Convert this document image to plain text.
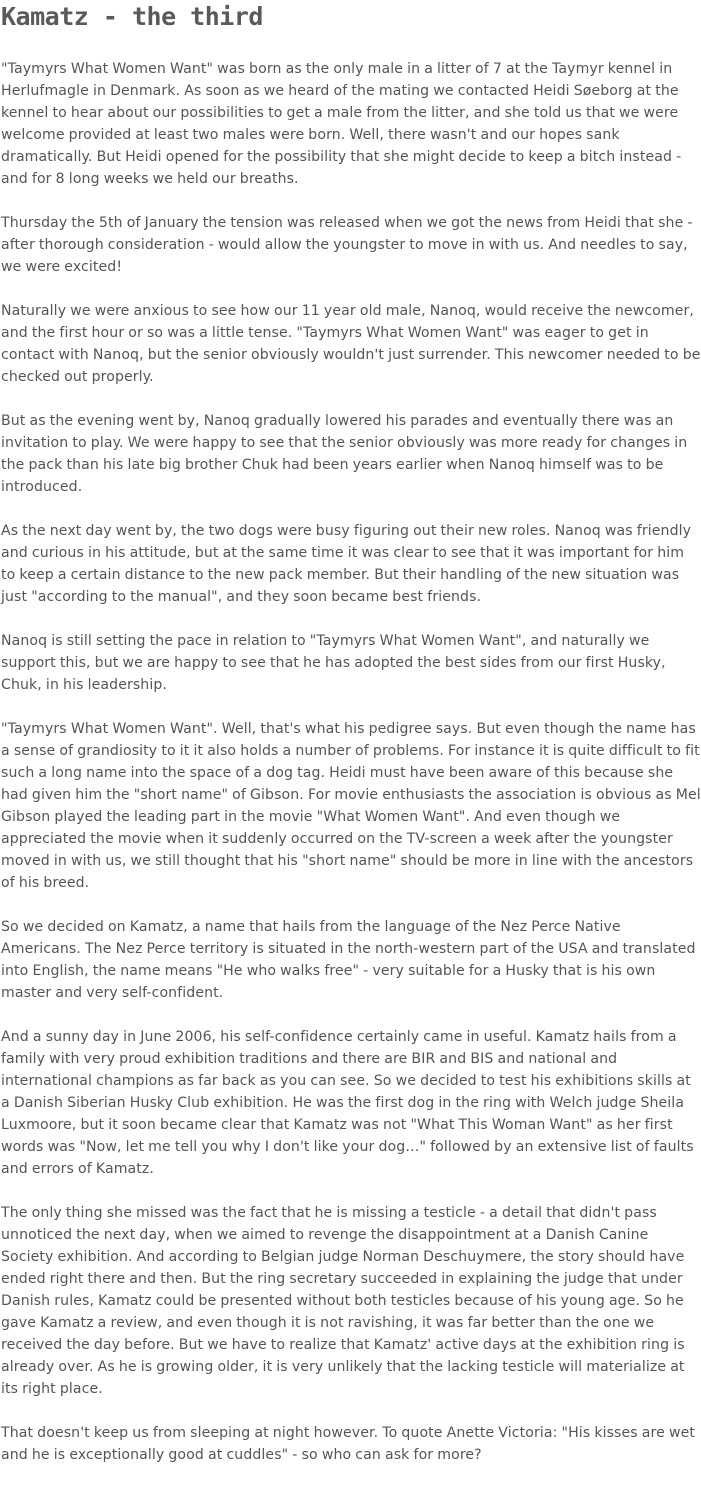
Kamatz - the third

"Taymyrs What Women Want" was born as the only male in a litter of 7 at the Taymyr kennel in Herlufmagle in Denmark. As soon as we heard of the mating we contacted Heidi Søeborg at the kennel to hear about our possibilities to get a male from the litter, and she told us that we were welcome provided at least two males were born. Well, there wasn't and our hopes sank dramatically. But Heidi opened for the possibility that she might decide to keep a bitch instead - and for 8 long weeks we held our breaths.

Thursday the 5th of January the tension was released when we got the news from Heidi that she - after thorough consideration - would allow the youngster to move in with us. And needles to say, we were excited!

Naturally we were anxious to see how our 11 year old male, Nanoq, would receive the newcomer, and the first hour or so was a little tense. "Taymyrs What Women Want" was eager to get in contact with Nanoq, but the senior obviously wouldn't just surrender. This newcomer needed to be checked out properly.

But as the evening went by, Nanoq gradually lowered his parades and eventually there was an invitation to play. We were happy to see that the senior obviously was more ready for changes in the pack than his late big brother Chuk had been years earlier when Nanoq himself was to be introduced.

As the next day went by, the two dogs were busy figuring out their new roles. Nanoq was friendly and curious in his attitude, but at the same time it was clear to see that it was important for him to keep a certain distance to the new pack member. But their handling of the new situation was just "according to the manual", and they soon became best friends.

Nanoq is still setting the pace in relation to "Taymyrs What Women Want", and naturally we support this, but we are happy to see that he has adopted the best sides from our first Husky, Chuk, in his leadership.

"Taymyrs What Women Want". Well, that's what his pedigree says. But even though the name has a sense of grandiosity to it it also holds a number of problems. For instance it is quite difficult to fit such a long name into the space of a dog tag. Heidi must have been aware of this because she had given him the "short name" of Gibson. For movie enthusiasts the association is obvious as Mel Gibson played the leading part in the movie "What Women Want". And even though we appreciated the movie when it suddenly occurred on the TV-screen a week after the youngster moved in with us, we still thought that his "short name" should be more in line with the ancestors of his breed.

So we decided on Kamatz, a name that hails from the language of the Nez Perce Native Americans. The Nez Perce territory is situated in the north-western part of the USA and translated into English, the name means "He who walks free" - very suitable for a Husky that is his own master and very self-confident.

And a sunny day in June 2006, his self-confidence certainly came in useful. Kamatz hails from a family with very proud exhibition traditions and there are BIR and BIS and national and international champions as far back as you can see. So we decided to test his exhibitions skills at a Danish Siberian Husky Club exhibition. He was the first dog in the ring with Welch judge Sheila Luxmoore, but it soon became clear that Kamatz was not "What This Woman Want" as her first words was "Now, let me tell you why I don't like your dog…" followed by an extensive list of faults and errors of Kamatz.

The only thing she missed was the fact that he is missing a testicle - a detail that didn't pass unnoticed the next day, when we aimed to revenge the disappointment at a Danish Canine Society exhibition. And according to Belgian judge Norman Deschuymere, the story should have ended right there and then. But the ring secretary succeeded in explaining the judge that under Danish rules, Kamatz could be presented without both testicles because of his young age. So he gave Kamatz a review, and even though it is not ravishing, it was far better than the one we received the day before. But we have to realize that Kamatz' active days at the exhibition ring is already over. As he is growing older, it is very unlikely that the lacking testicle will materialize at its right place.

That doesn't keep us from sleeping at night however. To quote Anette Victoria: "His kisses are wet and he is exceptionally good at cuddles" - so who can ask for more?
